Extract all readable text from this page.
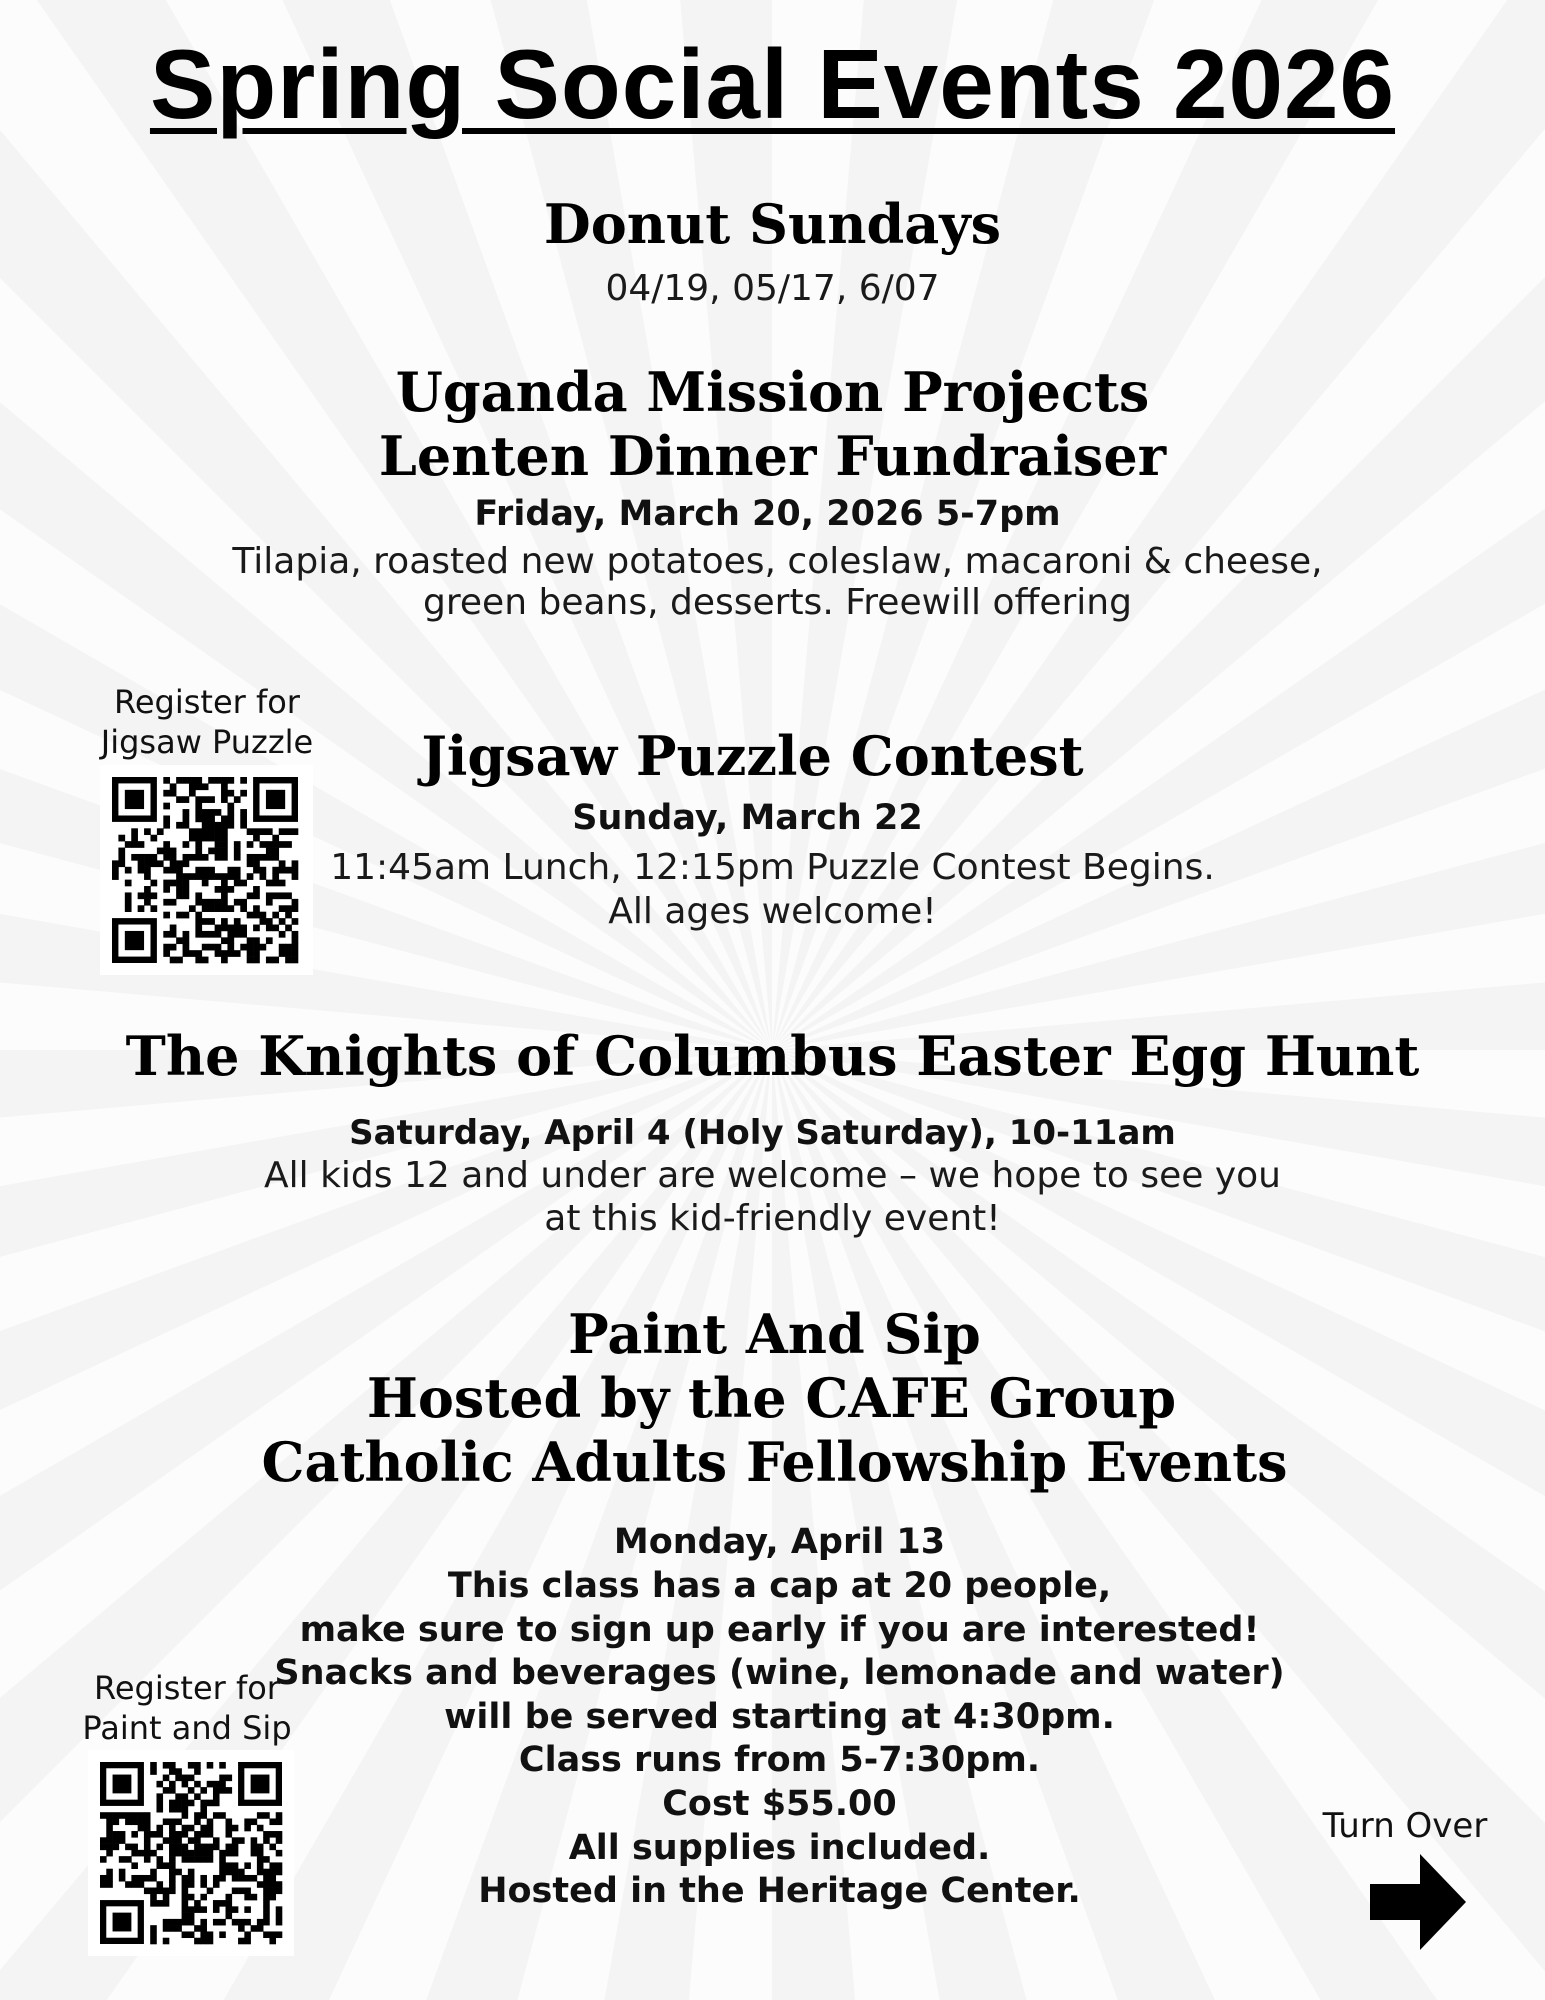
Spring Social Events 2026
Donut Sundays
04/19, 05/17, 6/07
Uganda Mission Projects
Lenten Dinner Fundraiser
Friday, March 20, 2026 5-7pm
Tilapia, roasted new potatoes, coleslaw, macaroni & cheese,
green beans, desserts. Freewill offering
Register for
Jigsaw Puzzle	Jigsaw Puzzle Contest
Sunday, March 22
11:45am Lunch, 12:15pm Puzzle Contest Begins.
All ages welcome!
The Knights of Columbus Easter Egg Hunt
Saturday, April 4 (Holy Saturday), 10-11am
All kids 12 and under are welcome – we hope to see you
at this kid-friendly event!
Paint And Sip
Hosted by the CAFE Group
Catholic Adults Fellowship Events
Monday, April 13
This class has a cap at 20 people,
make sure to sign up early if you are interested!
Snacks and beverages (wine, lemonade and water)
will be served starting at 4:30pm.
Class runs from 5-7:30pm.
Cost $55.00
All supplies included.
Hosted in the Heritage Center.
Register for
Paint and Sip
Turn Over
